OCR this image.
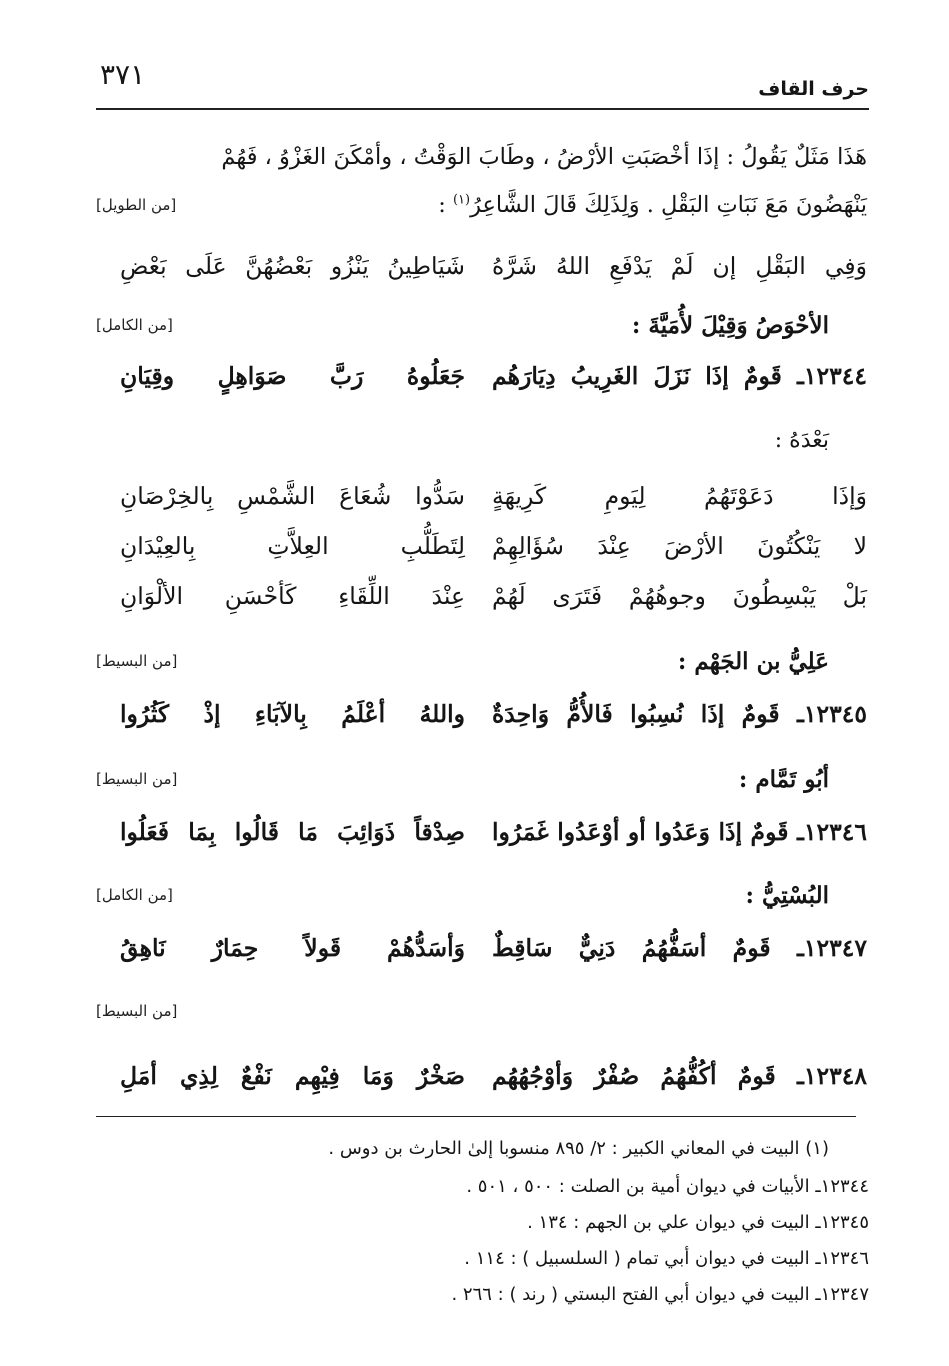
٣٧١	حرف القاف
هَذَا مَثَلٌ يَقُولُ : إذَا أخْصَبَتِ الأرْضُ ، وطَابَ الوَقْتُ ، وأمْكَنَ الغَزْوُ ، فَهُمْ
يَنْهَضُونَ مَعَ نَبَاتِ البَقْلِ . وَلِذَلِكَ قَالَ الشَّاعِرُ$^{(١)}$ :
[من الطويل]
وَفِي البَقْلِ إن لَمْ يَدْفَعِ اللهُ شَرَّهُ
شَيَاطِينُ يَنْزُو بَعْضُهُنَّ عَلَى بَعْضِ
الأحْوَصُ وَقِيْلَ لأُمَيَّةَ :
[من الكامل]
١٢٣٤٤ـ قَومٌ إذَا نَزَلَ الغَرِيبُ دِيَارَهُم
جَعَلُوهُ رَبَّ صَوَاهِلٍ وقِيَانِ
بَعْدَهُ :
وَإذَا دَعَوْتَهُمُ لِيَومِ كَرِيهَةٍ
سَدُّوا شُعَاعَ الشَّمْسِ بِالخِرْصَانِ
لا يَنْكُتُونَ الأرْضَ عِنْدَ سُؤَالِهِمْ
لِتَطَلُّبِ العِلاَّتِ بِالعِيْدَانِ
بَلْ يَبْسِطُونَ وجوهُهُمْ فَتَرَى لَهُمْ
عِنْدَ اللِّقَاءِ كَأحْسَنِ الألْوَانِ
عَلِيُّ بن الجَهْم :
[من البسيط]
١٢٣٤٥ـ قَومٌ إذَا نُسِبُوا فَالأُمُّ وَاحِدَةٌ
واللهُ أعْلَمُ بِالآبَاءِ إذْ كَثُرُوا
أبُو تَمَّام :
[من البسيط]
١٢٣٤٦ـ قَومٌ إذَا وَعَدُوا أو أوْعَدُوا غَمَرُوا
صِدْقاً ذَوَائِبَ مَا قَالُوا بِمَا فَعَلُوا
البُسْتِيُّ :
[من الكامل]
١٢٣٤٧ـ قَومٌ أسَفُّهُمُ دَنِيٌّ سَاقِطٌ
وَأسَدُّهُمْ قَولاً حِمَارٌ نَاهِقُ
[من البسيط]
١٢٣٤٨ـ قَومٌ أكُفُّهُمُ صُفْرٌ وَأوْجُهُهُم
صَخْرٌ وَمَا فِيْهِم نَفْعٌ لِذِي أمَلِ
(١) البيت في المعاني الكبير : ٢/ ٨٩٥ منسوبا إلىٰ الحارث بن دوس .
١٢٣٤٤ـ الأبيات في ديوان أمية بن الصلت : ٥٠٠ ، ٥٠١ .
١٢٣٤٥ـ البيت في ديوان علي بن الجهم : ١٣٤ .
١٢٣٤٦ـ البيت في ديوان أبي تمام ( السلسبيل ) : ١١٤ .
١٢٣٤٧ـ البيت في ديوان أبي الفتح البستي ( رند ) : ٢٦٦ .
